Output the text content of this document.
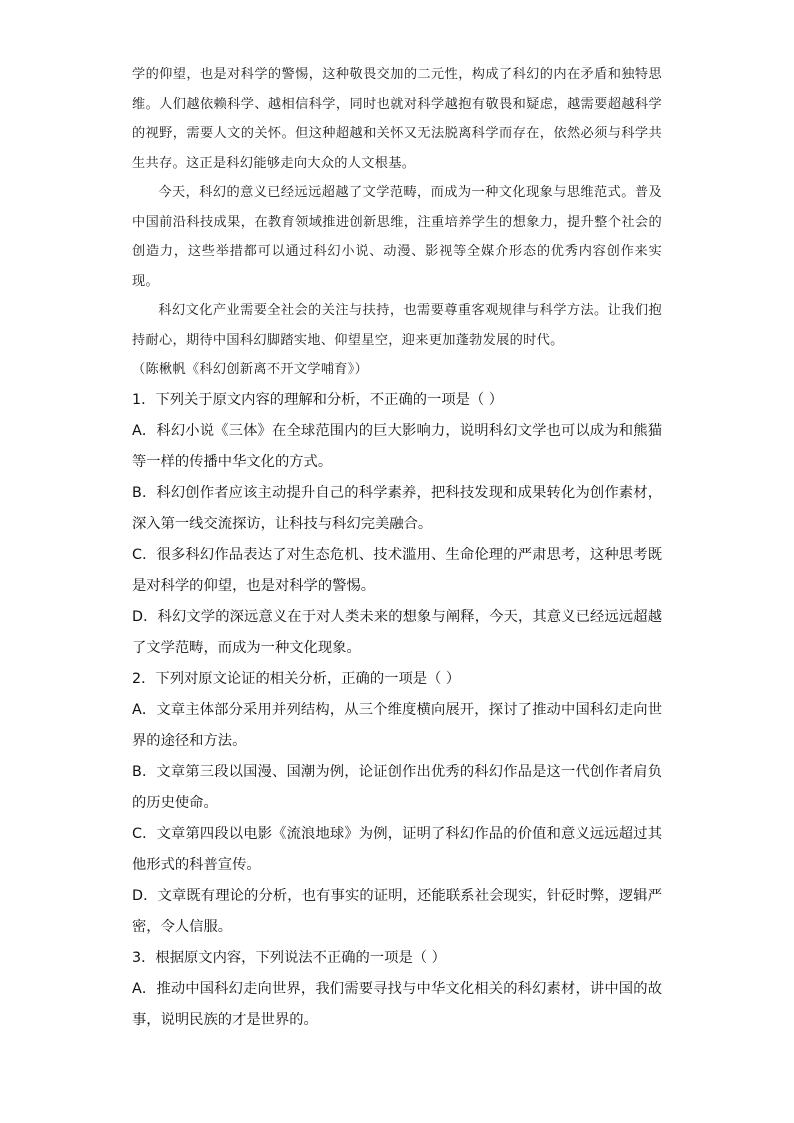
学的仰望，也是对科学的警惕，这种敬畏交加的二元性，构成了科幻的内在矛盾和独特思维。人们越依赖科学、越相信科学，同时也就对科学越抱有敬畏和疑虑，越需要超越科学的视野，需要人文的关怀。但这种超越和关怀又无法脱离科学而存在，依然必须与科学共生共存。这正是科幻能够走向大众的人文根基。

今天，科幻的意义已经远远超越了文学范畴，而成为一种文化现象与思维范式。普及中国前沿科技成果，在教育领域推进创新思维，注重培养学生的想象力，提升整个社会的创造力，这些举措都可以通过科幻小说、动漫、影视等全媒介形态的优秀内容创作来实现。

科幻文化产业需要全社会的关注与扶持，也需要尊重客观规律与科学方法。让我们抱持耐心，期待中国科幻脚踏实地、仰望星空，迎来更加蓬勃发展的时代。

（陈楸帆《科幻创新离不开文学哺育》）

1．下列关于原文内容的理解和分析，不正确的一项是（ ）

A．科幻小说《三体》在全球范围内的巨大影响力，说明科幻文学也可以成为和熊猫等一样的传播中华文化的方式。

B．科幻创作者应该主动提升自己的科学素养，把科技发现和成果转化为创作素材，深入第一线交流探访，让科技与科幻完美融合。

C．很多科幻作品表达了对生态危机、技术滥用、生命伦理的严肃思考，这种思考既是对科学的仰望，也是对科学的警惕。

D．科幻文学的深远意义在于对人类未来的想象与阐释，今天，其意义已经远远超越了文学范畴，而成为一种文化现象。

2．下列对原文论证的相关分析，正确的一项是（ ）

A．文章主体部分采用并列结构，从三个维度横向展开，探讨了推动中国科幻走向世界的途径和方法。

B．文章第三段以国漫、国潮为例，论证创作出优秀的科幻作品是这一代创作者肩负的历史使命。

C．文章第四段以电影《流浪地球》为例，证明了科幻作品的价值和意义远远超过其他形式的科普宣传。

D．文章既有理论的分析，也有事实的证明，还能联系社会现实，针砭时弊，逻辑严密，令人信服。

3．根据原文内容，下列说法不正确的一项是（ ）

A．推动中国科幻走向世界，我们需要寻找与中华文化相关的科幻素材，讲中国的故事，说明民族的才是世界的。
